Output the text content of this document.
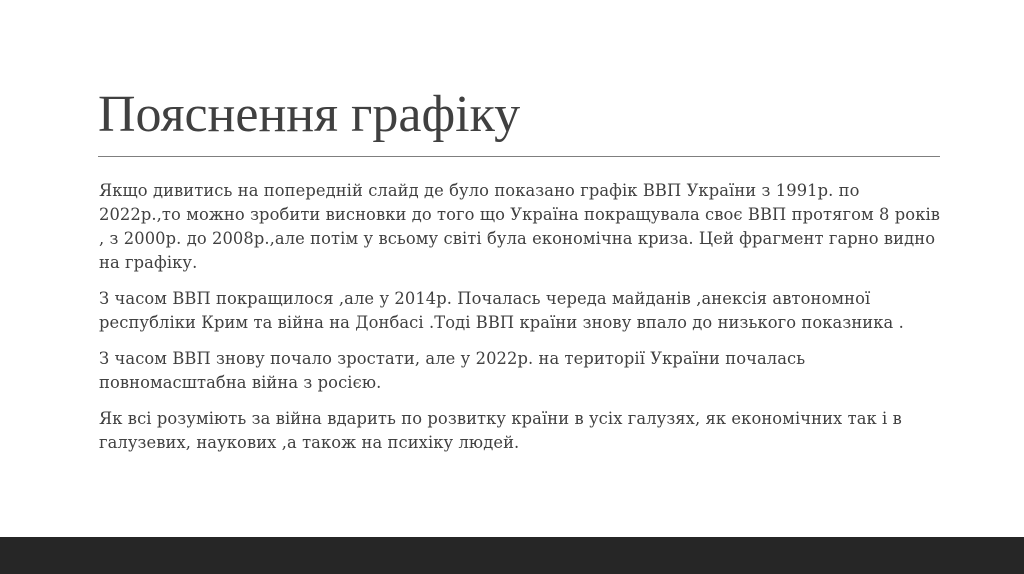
Пояснення графіку

Якщо дивитись на попередній слайд де було показано графік ВВП України з 1991р. по 2022р.,то можно зробити висновки до того що Україна покращувала своє ВВП протягом 8 років , з 2000р. до 2008р.,але потім у всьому світі була економічна криза. Цей фрагмент гарно видно на графіку.

З часом ВВП покращилося ,але у 2014р. Почалась череда майданів ,анексія автономної республіки Крим та війна на Донбасі .Тоді ВВП країни знову впало до низького показника .

З часом ВВП знову почало зростати, але у 2022р. на території України почалась повномасштабна війна з росією.

Як всі розуміють за війна вдарить по розвитку країни в усіх галузях, як економічних так і в галузевих, наукових ,а також на психіку людей.
